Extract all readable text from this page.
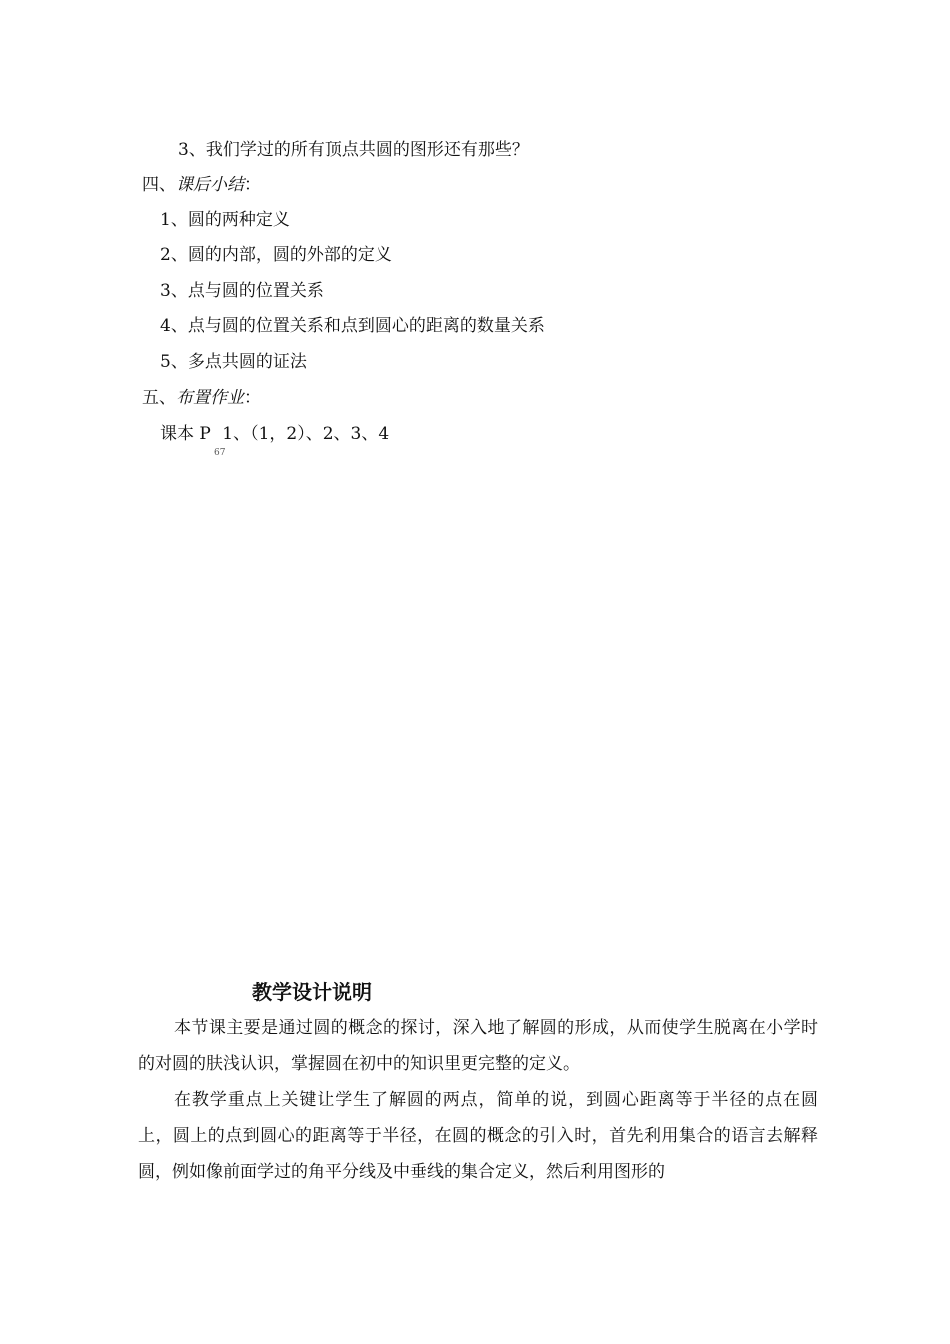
3、我们学过的所有顶点共圆的图形还有那些？
四、课后小结：
1、圆的两种定义
2、圆的内部，圆的外部的定义
3、点与圆的位置关系
4、点与圆的位置关系和点到圆心的距离的数量关系
5、多点共圆的证法
五、布置作业：
课本 P 1、（1，2）、2、3、4
67
教学设计说明
本节课主要是通过圆的概念的探讨，深入地了解圆的形成，从而使学生脱离在小学时的对圆的肤浅认识，掌握圆在初中的知识里更完整的定义。
在教学重点上关键让学生了解圆的两点，简单的说，到圆心距离等于半径的点在圆上，圆上的点到圆心的距离等于半径，在圆的概念的引入时，首先利用集合的语言去解释圆，例如像前面学过的角平分线及中垂线的集合定义，然后利用图形的
